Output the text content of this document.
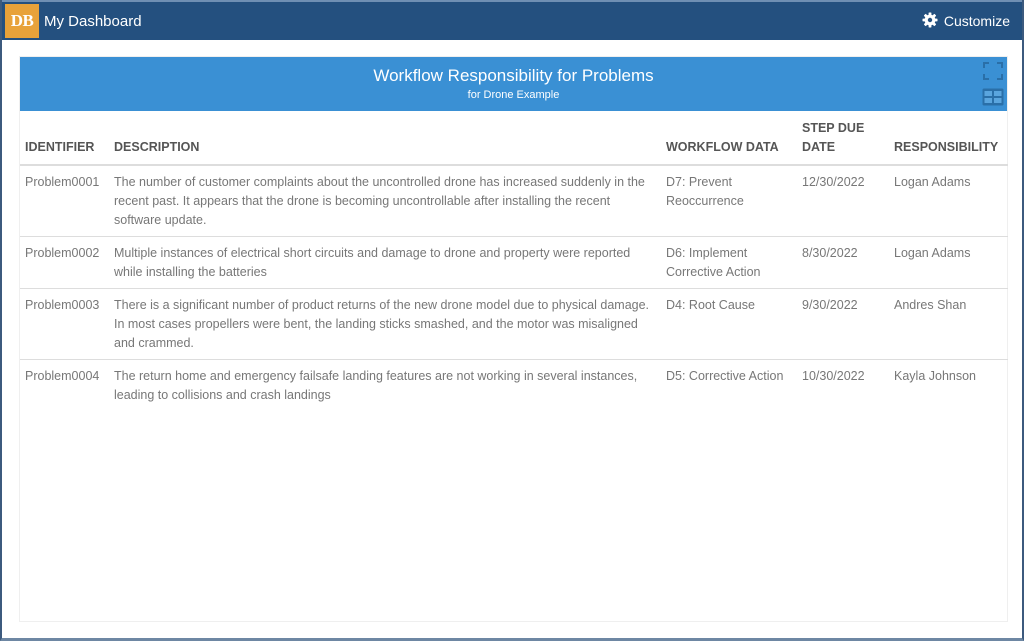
DB My Dashboard	Customize
Workflow Responsibility for Problems
for Drone Example
IDENTIFIER	DESCRIPTION	WORKFLOW DATA	STEP DUE DATE	RESPONSIBILITY
Problem0001	The number of customer complaints about the uncontrolled drone has increased suddenly in the recent past. It appears that the drone is becoming uncontrollable after installing the recent software update.	D7: Prevent Reoccurrence	12/30/2022	Logan Adams
Problem0002	Multiple instances of electrical short circuits and damage to drone and property were reported while installing the batteries	D6: Implement Corrective Action	8/30/2022	Logan Adams
Problem0003	There is a significant number of product returns of the new drone model due to physical damage. In most cases propellers were bent, the landing sticks smashed, and the motor was misaligned and crammed.	D4: Root Cause	9/30/2022	Andres Shan
Problem0004	The return home and emergency failsafe landing features are not working in several instances, leading to collisions and crash landings	D5: Corrective Action	10/30/2022	Kayla Johnson
